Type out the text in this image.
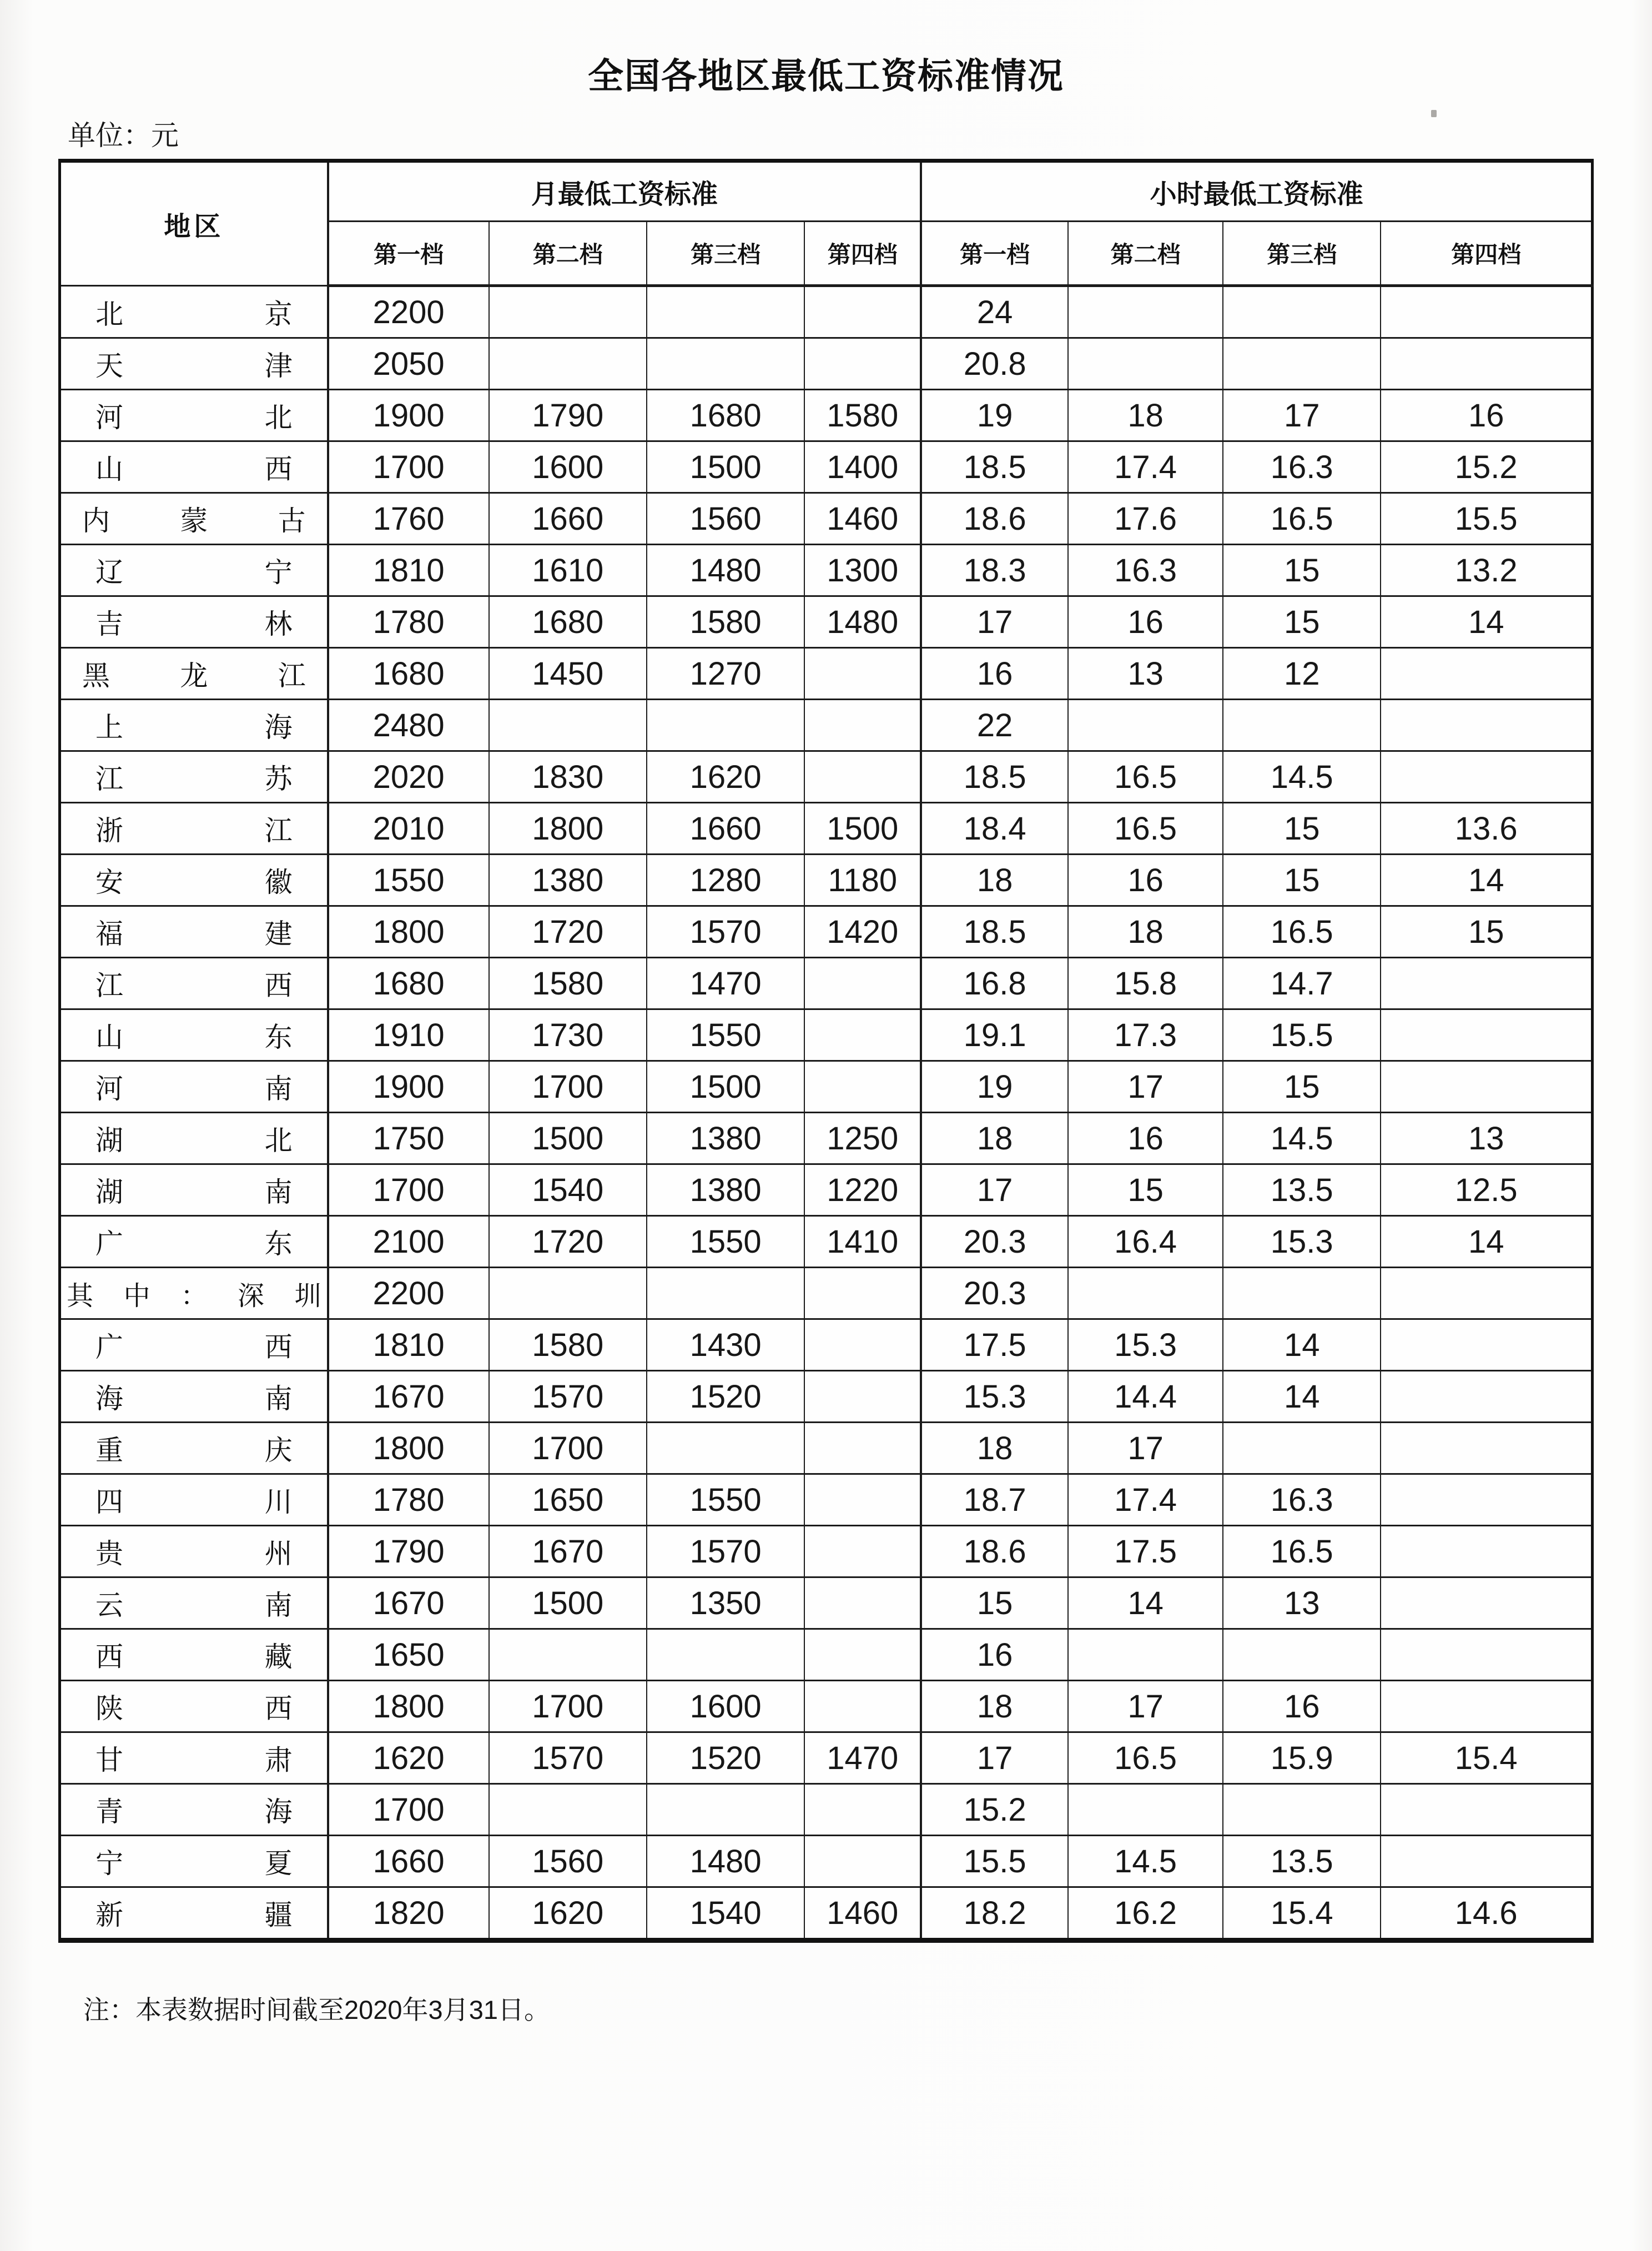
全国各地区最低工资标准情况
单位：元
地区	月最低工资标准				小时最低工资标准			
	第一档	第二档	第三档	第四档	第一档	第二档	第三档	第四档

北京	2200				24			

天津	2050				20.8			

河北	1900	1790	1680	1580	19	18	17	16

山西	1700	1600	1500	1400	18.5	17.4	16.3	15.2

内蒙古	1760	1660	1560	1460	18.6	17.6	16.5	15.5

辽宁	1810	1610	1480	1300	18.3	16.3	15	13.2

吉林	1780	1680	1580	1480	17	16	15	14

黑龙江	1680	1450	1270		16	13	12	

上海	2480				22			

江苏	2020	1830	1620		18.5	16.5	14.5	

浙江	2010	1800	1660	1500	18.4	16.5	15	13.6

安徽	1550	1380	1280	1180	18	16	15	14

福建	1800	1720	1570	1420	18.5	18	16.5	15

江西	1680	1580	1470		16.8	15.8	14.7	

山东	1910	1730	1550		19.1	17.3	15.5	

河南	1900	1700	1500		19	17	15	

湖北	1750	1500	1380	1250	18	16	14.5	13

湖南	1700	1540	1380	1220	17	15	13.5	12.5

广东	2100	1720	1550	1410	20.3	16.4	15.3	14

其中：深圳	2200				20.3			

广西	1810	1580	1430		17.5	15.3	14	

海南	1670	1570	1520		15.3	14.4	14	

重庆	1800	1700			18	17		

四川	1780	1650	1550		18.7	17.4	16.3	

贵州	1790	1670	1570		18.6	17.5	16.5	

云南	1670	1500	1350		15	14	13	

西藏	1650				16			

陕西	1800	1700	1600		18	17	16	

甘肃	1620	1570	1520	1470	17	16.5	15.9	15.4

青海	1700				15.2			

宁夏	1660	1560	1480		15.5	14.5	13.5	

新疆	1820	1620	1540	1460	18.2	16.2	15.4	14.6
注：本表数据时间截至2020年3月31日。
